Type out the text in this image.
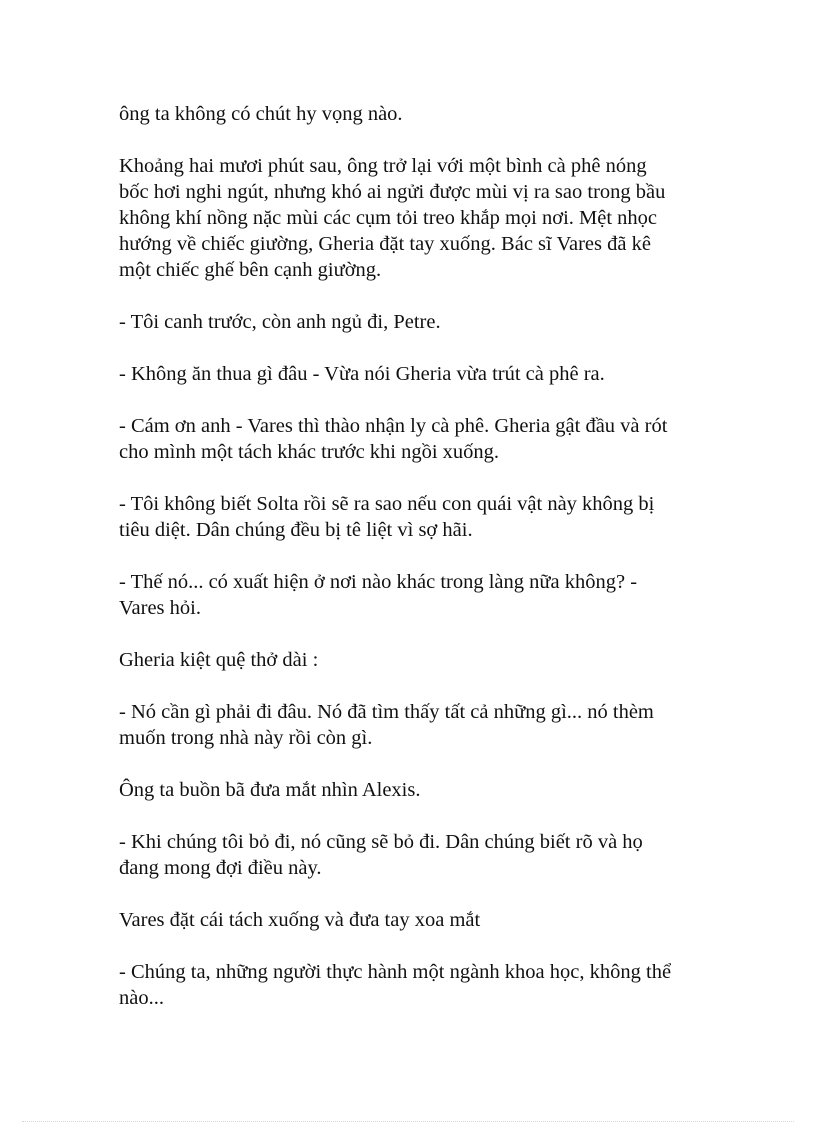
ông ta không có chút hy vọng nào.

Khoảng hai mươi phút sau, ông trở lại với một bình cà phê nóng
bốc hơi nghi ngút, nhưng khó ai ngửi được mùi vị ra sao trong bầu
không khí nồng nặc mùi các cụm tỏi treo khắp mọi nơi. Mệt nhọc
hướng về chiếc giường, Gheria đặt tay xuống. Bác sĩ Vares đã kê
một chiếc ghế bên cạnh giường.

- Tôi canh trước, còn anh ngủ đi, Petre.

- Không ăn thua gì đâu - Vừa nói Gheria vừa trút cà phê ra.

- Cám ơn anh - Vares thì thào nhận ly cà phê. Gheria gật đầu và rót
cho mình một tách khác trước khi ngồi xuống.

- Tôi không biết Solta rồi sẽ ra sao nếu con quái vật này không bị
tiêu diệt. Dân chúng đều bị tê liệt vì sợ hãi.

- Thế nó... có xuất hiện ở nơi nào khác trong làng nữa không? -
Vares hỏi.

Gheria kiệt quệ thở dài :

- Nó cần gì phải đi đâu. Nó đã tìm thấy tất cả những gì... nó thèm
muốn trong nhà này rồi còn gì.

Ông ta buồn bã đưa mắt nhìn Alexis.

- Khi chúng tôi bỏ đi, nó cũng sẽ bỏ đi. Dân chúng biết rõ và họ
đang mong đợi điều này.

Vares đặt cái tách xuống và đưa tay xoa mắt

- Chúng ta, những người thực hành một ngành khoa học, không thể
nào...
